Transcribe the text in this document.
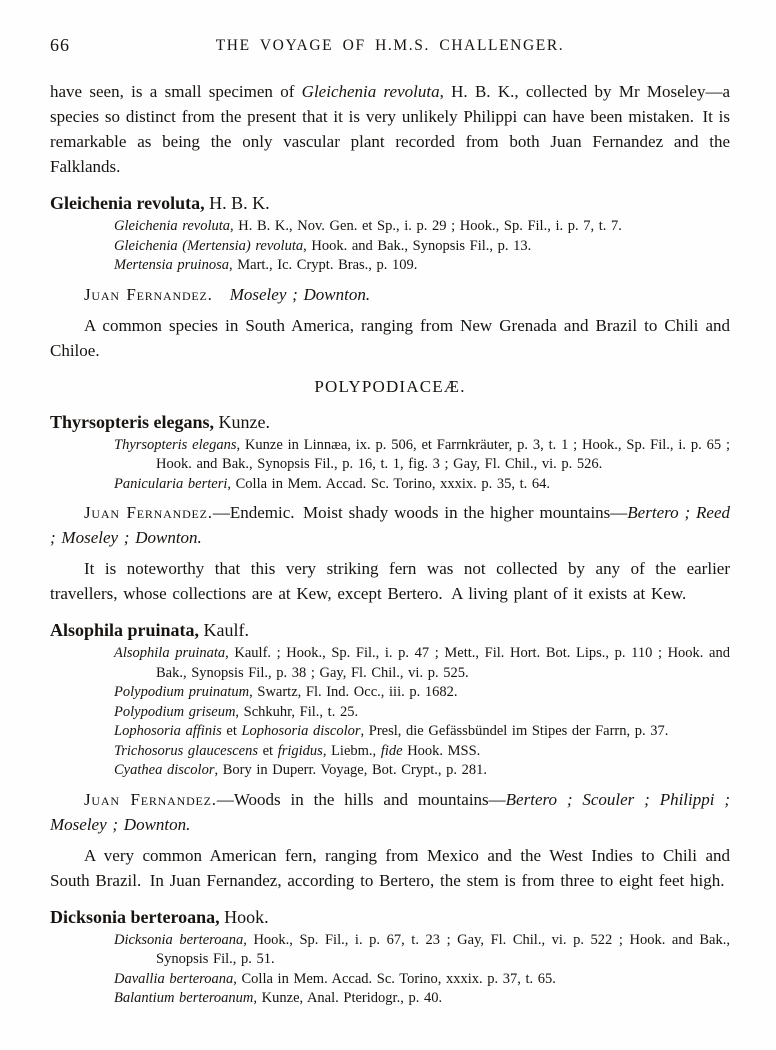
66	THE VOYAGE OF H.M.S. CHALLENGER.

have seen, is a small specimen of Gleichenia revoluta, H. B. K., collected by Mr Moseley—a species so distinct from the present that it is very unlikely Philippi can have been mistaken. It is remarkable as being the only vascular plant recorded from both Juan Fernandez and the Falklands.

Gleichenia revoluta, H. B. K.

Gleichenia revoluta, H. B. K., Nov. Gen. et Sp., i. p. 29 ; Hook., Sp. Fil., i. p. 7, t. 7.

Gleichenia (Mertensia) revoluta, Hook. and Bak., Synopsis Fil., p. 13.

Mertensia pruinosa, Mart., Ic. Crypt. Bras., p. 109.

Juan Fernandez.  Moseley ; Downton.

A common species in South America, ranging from New Grenada and Brazil to Chili and Chiloe.

POLYPODIACEÆ.
Thyrsopteris elegans, Kunze.

Thyrsopteris elegans, Kunze in Linnæa, ix. p. 506, et Farrnkräuter, p. 3, t. 1 ; Hook., Sp. Fil., i. p. 65 ; Hook. and Bak., Synopsis Fil., p. 16, t. 1, fig. 3 ; Gay, Fl. Chil., vi. p. 526.

Panicularia berteri, Colla in Mem. Accad. Sc. Torino, xxxix. p. 35, t. 64.

Juan Fernandez.—Endemic. Moist shady woods in the higher mountains—Bertero ; Reed ; Moseley ; Downton.

It is noteworthy that this very striking fern was not collected by any of the earlier travellers, whose collections are at Kew, except Bertero. A living plant of it exists at Kew.

Alsophila pruinata, Kaulf.

Alsophila pruinata, Kaulf. ; Hook., Sp. Fil., i. p. 47 ; Mett., Fil. Hort. Bot. Lips., p. 110 ; Hook. and Bak., Synopsis Fil., p. 38 ; Gay, Fl. Chil., vi. p. 525.

Polypodium pruinatum, Swartz, Fl. Ind. Occ., iii. p. 1682.

Polypodium griseum, Schkuhr, Fil., t. 25.

Lophosoria affinis et Lophosoria discolor, Presl, die Gefässbündel im Stipes der Farrn, p. 37.

Trichosorus glaucescens et frigidus, Liebm., fide Hook. MSS.

Cyathea discolor, Bory in Duperr. Voyage, Bot. Crypt., p. 281.

Juan Fernandez.—Woods in the hills and mountains—Bertero ; Scouler ; Philippi ; Moseley ; Downton.

A very common American fern, ranging from Mexico and the West Indies to Chili and South Brazil. In Juan Fernandez, according to Bertero, the stem is from three to eight feet high.

Dicksonia berteroana, Hook.

Dicksonia berteroana, Hook., Sp. Fil., i. p. 67, t. 23 ; Gay, Fl. Chil., vi. p. 522 ; Hook. and Bak., Synopsis Fil., p. 51.

Davallia berteroana, Colla in Mem. Accad. Sc. Torino, xxxix. p. 37, t. 65.

Balantium berteroanum, Kunze, Anal. Pteridogr., p. 40.
